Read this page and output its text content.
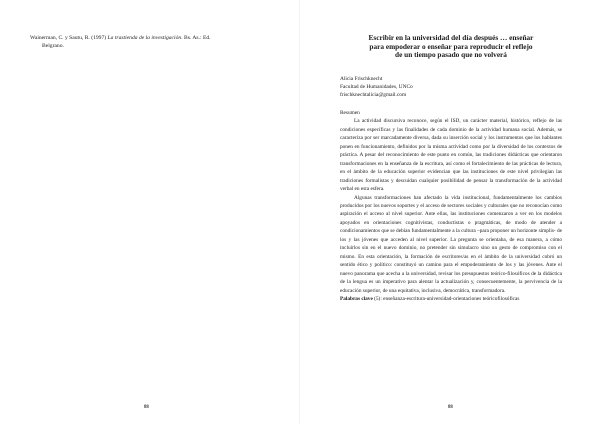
Wainerman, C. y Sautu, R. (1997) La trastienda de la investigación. Bs. As.: Ed.
Belgrano.

88
Escribir en la universidad del día después … enseñar
para empoderar o enseñar para reproducir el reflejo
de un tiempo pasado que no volverá
Alicia Frischknecht
Facultad de Humanidades, UNCo
frischknechtalicia@gmail.com
Resumen

La actividad discursiva reconoce, según el ISD, un carácter material, histórico, reflejo de las condiciones específicas y las finalidades de cada dominio de la actividad humana social. Además, se caracteriza por ser marcadamente diversa, dada su inserción social y los instrumentos que los hablantes ponen en funcionamiento, definidos por la misma actividad como por la diversidad de los contextos de práctica. A pesar del reconocimiento de este punto en común, las tradiciones didácticas que orientaron transformaciones en la enseñanza de la escritura, así como el fortalecimiento de las prácticas de lectura, en el ámbito de la educación superior evidencian que las instituciones de este nivel privilegian las tradiciones formalistas y descuidan cualquier posibilidad de pensar la transformación de la actividad verbal en esta esfera.

Algunas transformaciones han afectado la vida institucional, fundamentalmente los cambios producidos por los nuevos soportes y el acceso de sectores sociales y culturales que no reconocían como aspiración el acceso al nivel superior. Ante ellas, las instituciones comenzaron a ver en los modelos apoyados en orientaciones cognitivistas, conductistas o pragmáticas, de modo de atender a condicionamientos que se debían fundamentalmente a la cultura –para proponer un horizonte simplis- de los y las jóvenes que acceden al nivel superior. La pregunta se orientaba, de esa manera, a cómo incluirlos sin en el nuevo dominio, no pretender sin simulacro sino un gesto de compromiso con el mismo. En esta orientación, la formación de escritores/as en el ámbito de la universidad cobró un sentido ético y político: constituyó un camino para el empoderamiento de los y las jóvenes. Ante el nuevo panorama que acecha a la universidad, revisar los presupuestos teórico-filosóficos de la didáctica de la lengua es un imperativo para alentar la actualización y, consecuentemente, la pervivencia de la educación superior, de una equitativa, inclusiva, democrática, transformadora.

Palabras clave (5): enseñanza-escritura-universidad-orientaciones teóricofilosóficas

88
